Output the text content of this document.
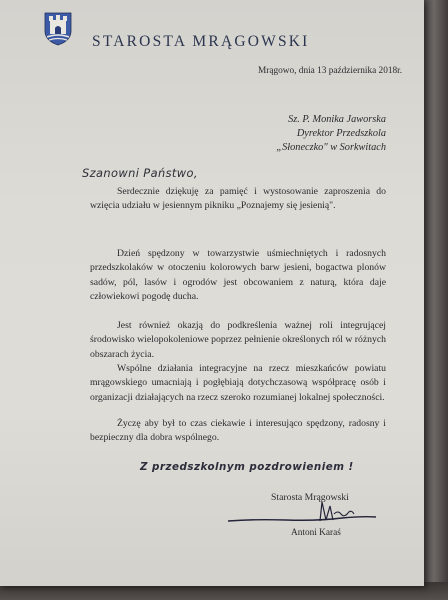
STAROSTA MRĄGOWSKI
Mrągowo, dnia 13 października 2018r.
Sz. P. Monika Jaworska
Dyrektor Przedszkola
„Słoneczko" w Sorkwitach
Szanowni Państwo,
Serdecznie dziękuję za pamięć i wystosowanie zaproszenia do wzięcia udziału w jesiennym pikniku „Poznajemy się jesienią".
Dzień spędzony w towarzystwie uśmiechniętych i radosnych przedszkolaków w otoczeniu kolorowych barw jesieni, bogactwa plonów sadów, pól, lasów i ogrodów jest obcowaniem z naturą, która daje człowiekowi pogodę ducha.
Jest również okazją do podkreślenia ważnej roli integrującej środowisko wielopokoleniowe poprzez pełnienie określonych ról w różnych obszarach życia.
Wspólne działania integracyjne na rzecz mieszkańców powiatu mrągowskiego umacniają i pogłębiają dotychczasową współpracę osób i organizacji działających na rzecz szeroko rozumianej lokalnej społeczności.
Życzę aby był to czas ciekawie i interesująco spędzony, radosny i bezpieczny dla dobra wspólnego.
Z przedszkolnym pozdrowieniem !
Starosta Mrągowski
Antoni Karaś
